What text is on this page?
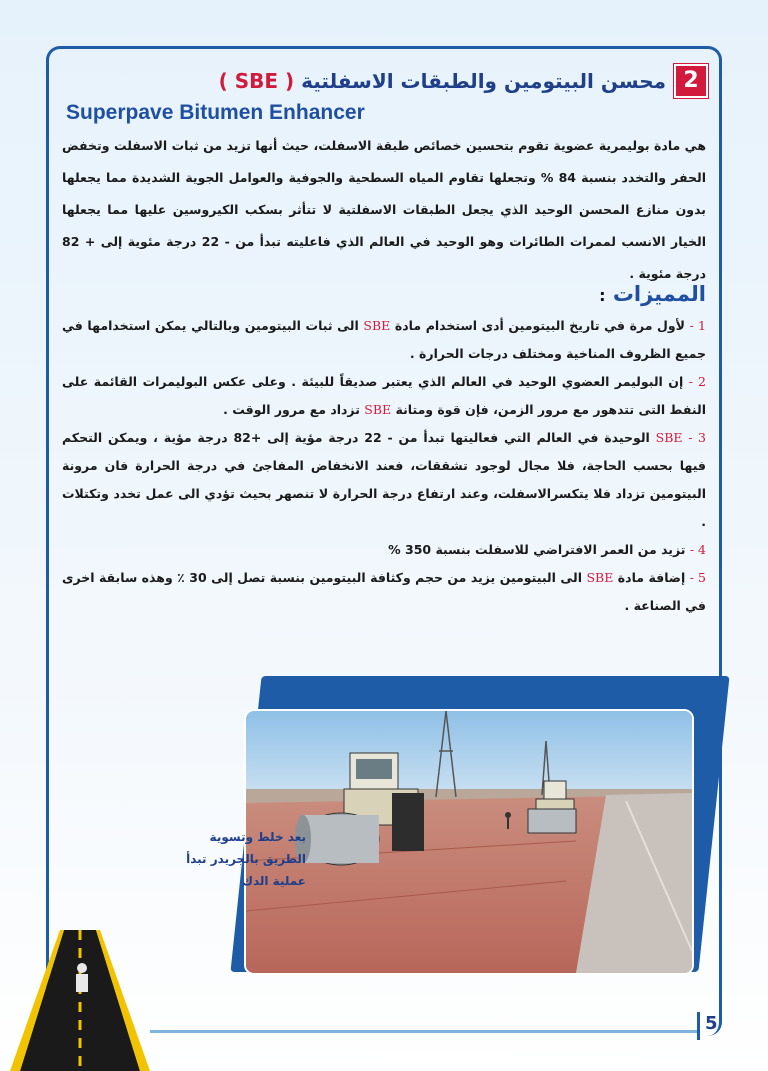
2
محسن البيتومين والطبقات الاسفلتية ( SBE )
Superpave Bitumen Enhancer

هي مادة بوليمرية عضوية تقوم بتحسين خصائص طبقة الاسفلت، حيث أنها تزيد من ثبات الاسفلت وتخفض الحفر والتخدد بنسبة 84 % وتجعلها تقاوم المياه السطحية والجوفية والعوامل الجوية الشديدة مما يجعلها بدون منازع المحسن الوحيد الذي يجعل الطبقات الاسفلتية لا تتأثر بسكب الكيروسين عليها مما يجعلها الخيار الانسب لممرات الطائرات وهو الوحيد في العالم الذي فاعليته تبدأ من - 22 درجة مئوية إلى + 82 درجة مئوية .

المميزات :

1 - لأول مرة في تاريخ البيتومين أدى استخدام مادة SBE الى ثبات البيتومين وبالتالي يمكن استخدامها في جميع الظروف المناخية ومختلف درجات الحرارة .

2 - إن البوليمر العضوي الوحيد في العالم الذي يعتبر صديقاً للبيئة . وعلى عكس البوليمرات القائمة على النفط التى تتدهور مع مرور الزمن، فإن قوة ومتانة SBE تزداد مع مرور الوقت .

3 - SBE الوحيدة في العالم التي فعاليتها تبدأ من - 22 درجة مؤية إلى +82 درجة مؤية ، ويمكن التحكم فيها بحسب الحاجة، فلا مجال لوجود تشققات، فعند الانخفاض المفاجئ في درجة الحرارة فان مرونة البيتومين تزداد فلا يتكسرالاسفلت، وعند ارتفاع درجة الحرارة لا تنصهر بحيث تؤدي الى عمل تخدد وتكتلات .

4 - تزيد من العمر الافتراضي للاسفلت بنسبة 350 %

5 - إضافة مادة SBE الى البيتومين يزيد من حجم وكثافة البيتومين بنسبة تصل إلى 30 ٪ وهذه سابقة اخرى في الصناعة .

بعد خلط وتسوية الطريق بالجريدر تبدأ عملية الدك
5
